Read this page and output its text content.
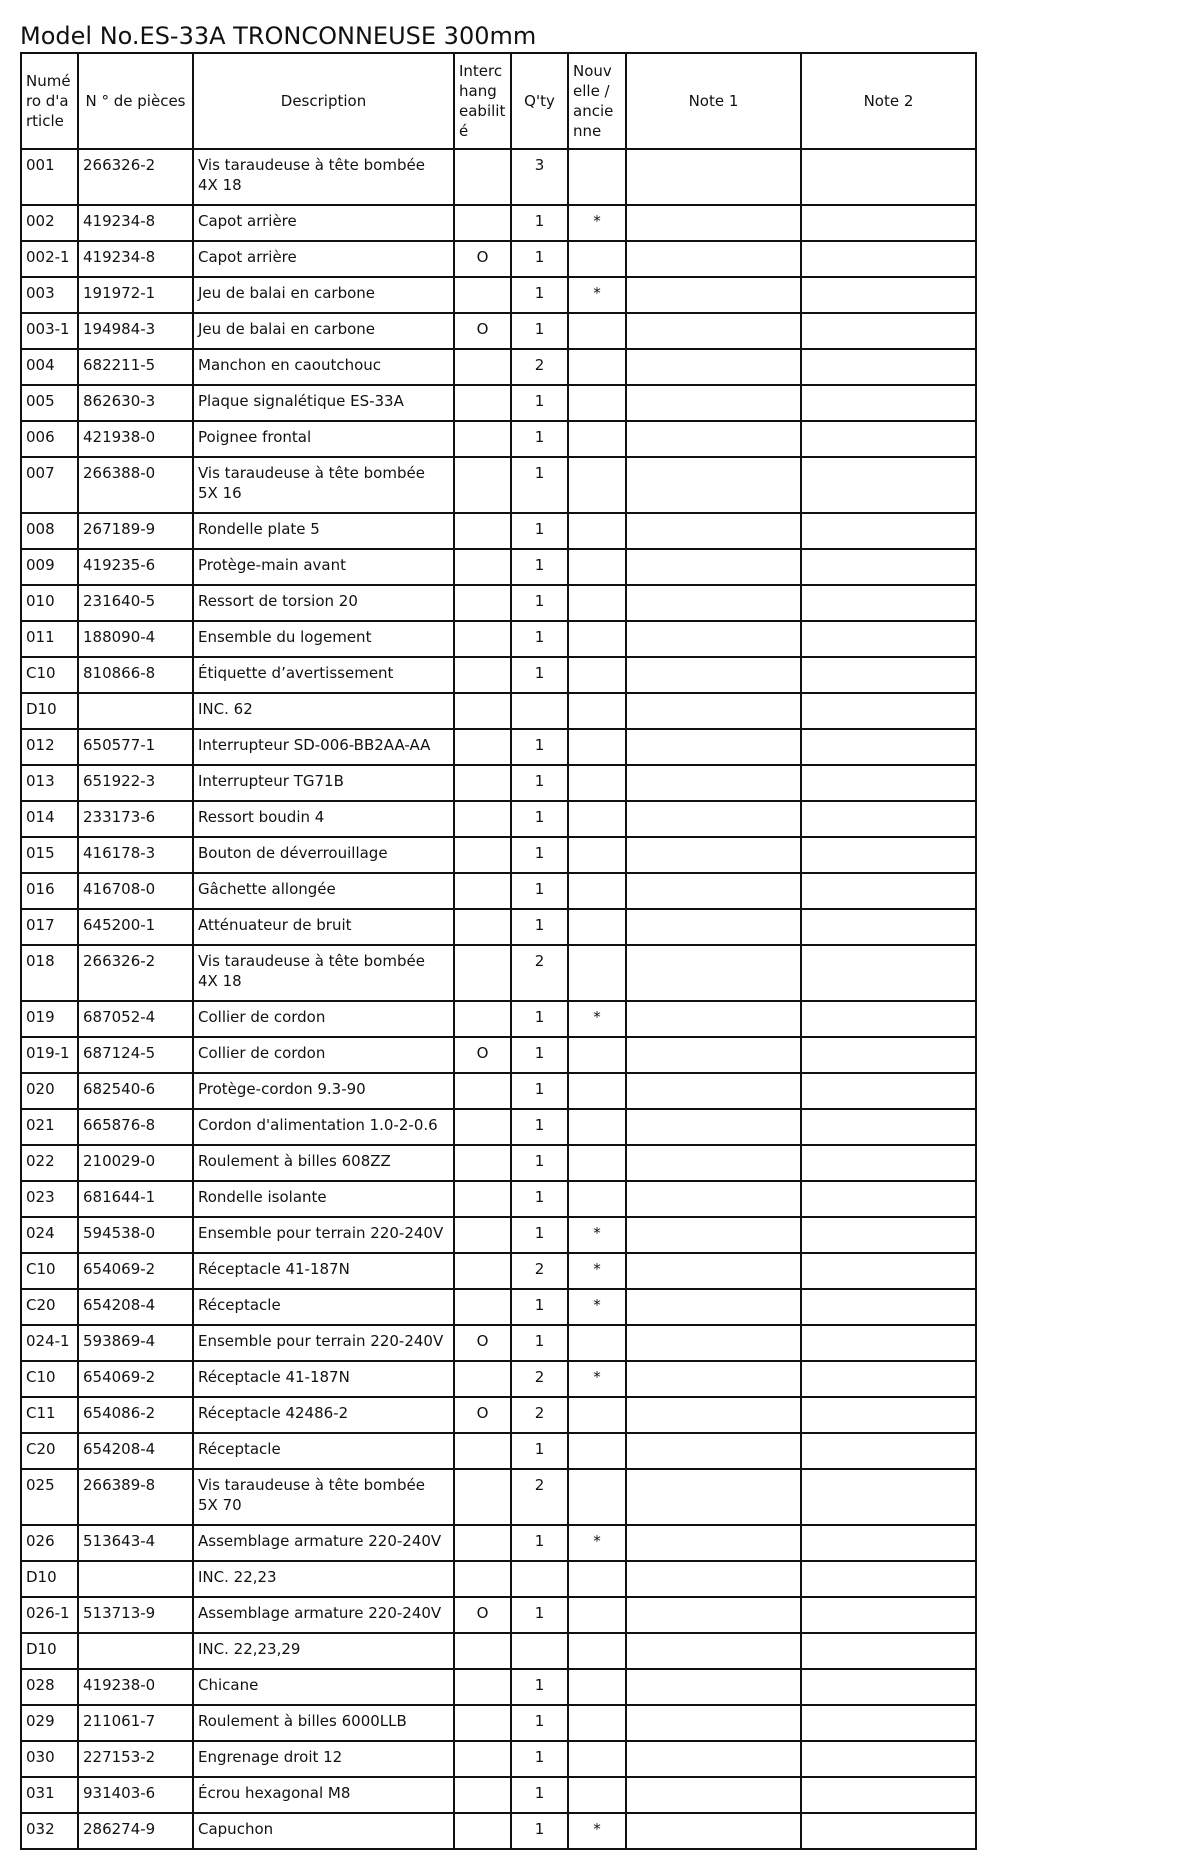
Model No.ES-33A TRONCONNEUSE 300mm
Numé ro d'a rticle	N ° de pièces	Description	Interc hang eabilit é	Q'ty	Nouv elle / ancie nne	Note 1	Note 2
001	266326-2	Vis taraudeuse à tête bombée 4X 18		3			
002	419234-8	Capot arrière		1	*		
002-1	419234-8	Capot arrière	O	1			
003	191972-1	Jeu de balai en carbone		1	*		
003-1	194984-3	Jeu de balai en carbone	O	1			
004	682211-5	Manchon en caoutchouc		2			
005	862630-3	Plaque signalétique ES-33A		1			
006	421938-0	Poignee frontal		1			
007	266388-0	Vis taraudeuse à tête bombée 5X 16		1			
008	267189-9	Rondelle plate 5		1			
009	419235-6	Protège-main avant		1			
010	231640-5	Ressort de torsion 20		1			
011	188090-4	Ensemble du logement		1			
C10	810866-8	Étiquette d’avertissement		1			
D10		INC. 62					
012	650577-1	Interrupteur SD-006-BB2AA-AA		1			
013	651922-3	Interrupteur TG71B		1			
014	233173-6	Ressort boudin 4		1			
015	416178-3	Bouton de déverrouillage		1			
016	416708-0	Gâchette allongée		1			
017	645200-1	Atténuateur de bruit		1			
018	266326-2	Vis taraudeuse à tête bombée 4X 18		2			
019	687052-4	Collier de cordon		1	*		
019-1	687124-5	Collier de cordon	O	1			
020	682540-6	Protège-cordon 9.3-90		1			
021	665876-8	Cordon d'alimentation 1.0-2-0.6		1			
022	210029-0	Roulement à billes 608ZZ		1			
023	681644-1	Rondelle isolante		1			
024	594538-0	Ensemble pour terrain 220-240V		1	*		
C10	654069-2	Réceptacle 41-187N		2	*		
C20	654208-4	Réceptacle		1	*		
024-1	593869-4	Ensemble pour terrain 220-240V	O	1			
C10	654069-2	Réceptacle 41-187N		2	*		
C11	654086-2	Réceptacle 42486-2	O	2			
C20	654208-4	Réceptacle		1			
025	266389-8	Vis taraudeuse à tête bombée 5X 70		2			
026	513643-4	Assemblage armature 220-240V		1	*		
D10		INC. 22,23					
026-1	513713-9	Assemblage armature 220-240V	O	1			
D10		INC. 22,23,29					
028	419238-0	Chicane		1			
029	211061-7	Roulement à billes 6000LLB		1			
030	227153-2	Engrenage droit 12		1			
031	931403-6	Écrou hexagonal M8		1			
032	286274-9	Capuchon		1	*		
